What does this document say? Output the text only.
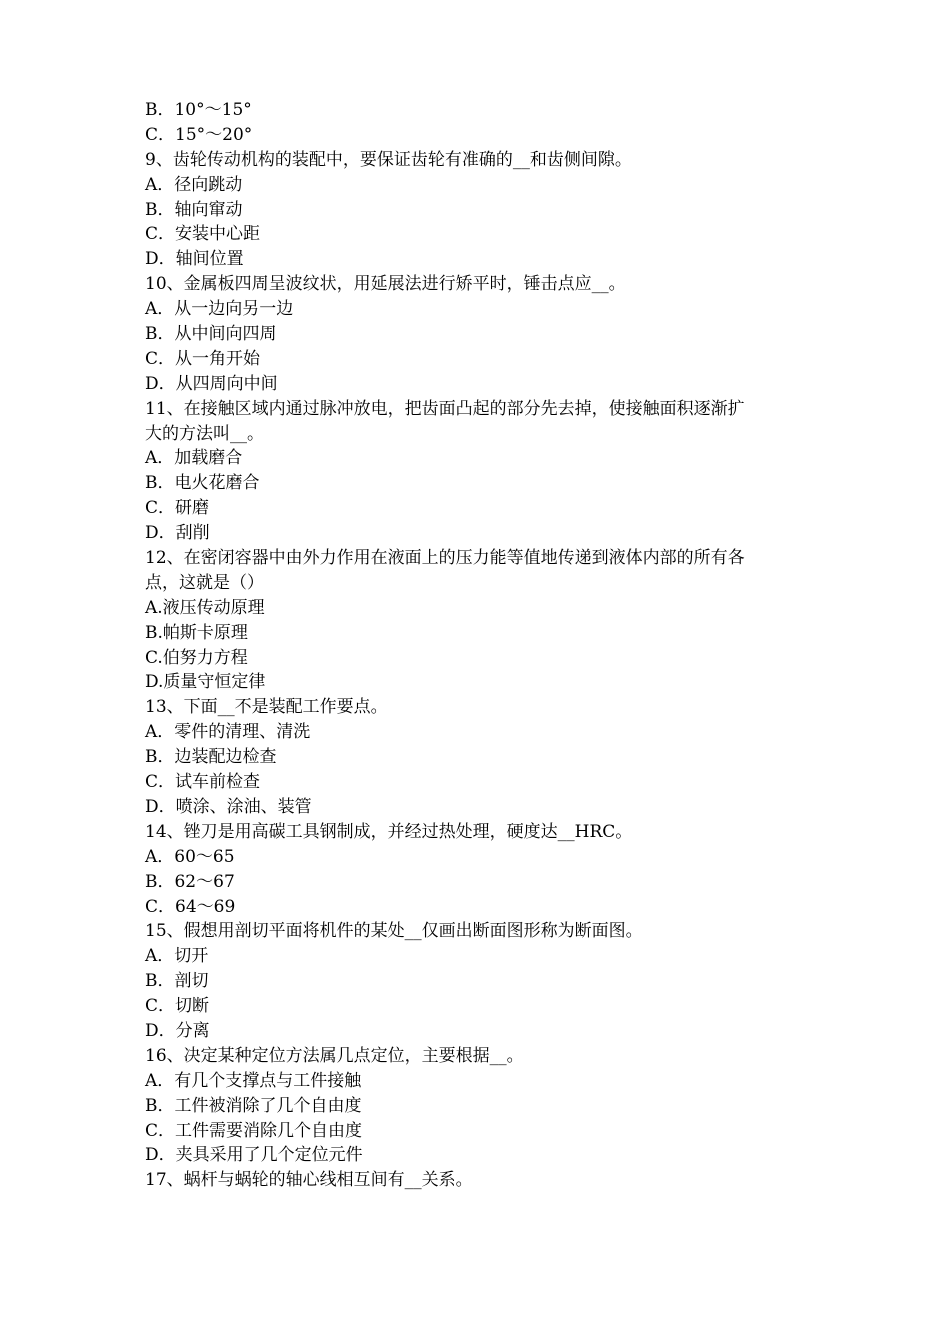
B．10°～15°
C．15°～20°
9、齿轮传动机构的装配中，要保证齿轮有准确的__和齿侧间隙。
A．径向跳动
B．轴向窜动
C．安装中心距
D．轴间位置
10、金属板四周呈波纹状，用延展法进行矫平时，锤击点应__。
A．从一边向另一边
B．从中间向四周
C．从一角开始
D．从四周向中间
11、在接触区域内通过脉冲放电，把齿面凸起的部分先去掉，使接触面积逐渐扩
大的方法叫__。
A．加载磨合
B．电火花磨合
C．研磨
D．刮削
12、在密闭容器中由外力作用在液面上的压力能等值地传递到液体内部的所有各
点，这就是（）
A.液压传动原理
B.帕斯卡原理
C.伯努力方程
D.质量守恒定律
13、下面__不是装配工作要点。
A．零件的清理、清洗
B．边装配边检查
C．试车前检查
D．喷涂、涂油、装管
14、锉刀是用高碳工具钢制成，并经过热处理，硬度达__HRC。
A．60～65
B．62～67
C．64～69
15、假想用剖切平面将机件的某处__仅画出断面图形称为断面图。
A．切开
B．剖切
C．切断
D．分离
16、决定某种定位方法属几点定位，主要根据__。
A．有几个支撑点与工件接触
B．工件被消除了几个自由度
C．工件需要消除几个自由度
D．夹具采用了几个定位元件
17、蜗杆与蜗轮的轴心线相互间有__关系。
